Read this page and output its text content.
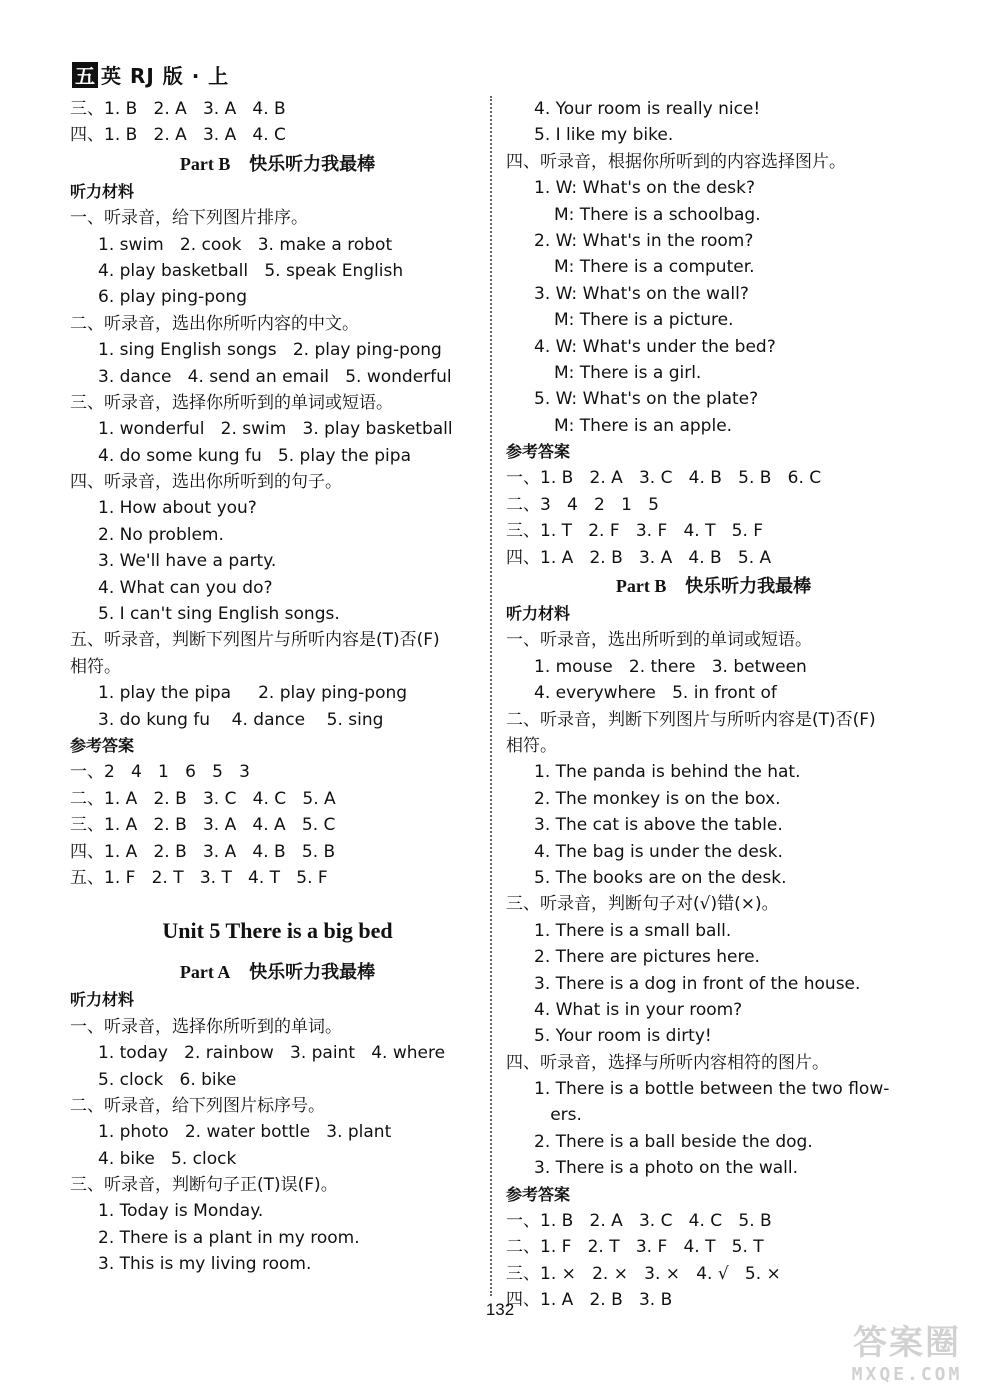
五 英 RJ 版 · 上
三、1. B   2. A   3. A   4. B
四、1. B   2. A   3. A   4. C
Part B 快乐听力我最棒
听力材料
一、听录音，给下列图片排序。
1. swim   2. cook   3. make a robot
4. play basketball   5. speak English
6. play ping-pong
二、听录音，选出你所听内容的中文。
1. sing English songs   2. play ping-pong
3. dance   4. send an email   5. wonderful
三、听录音，选择你所听到的单词或短语。
1. wonderful   2. swim   3. play basketball
4. do some kung fu   5. play the pipa
四、听录音，选出你所听到的句子。
1. How about you?
2. No problem.
3. We'll have a party.
4. What can you do?
5. I can't sing English songs.
五、听录音，判断下列图片与所听内容是(T)否(F)
相符。
1. play the pipa     2. play ping-pong
3. do kung fu    4. dance    5. sing
参考答案
一、2   4   1   6   5   3
二、1. A   2. B   3. C   4. C   5. A
三、1. A   2. B   3. A   4. A   5. C
四、1. A   2. B   3. A   4. B   5. B
五、1. F   2. T   3. T   4. T   5. F
Unit 5 There is a big bed
Part A 快乐听力我最棒
听力材料
一、听录音，选择你所听到的单词。
1. today   2. rainbow   3. paint   4. where
5. clock   6. bike
二、听录音，给下列图片标序号。
1. photo   2. water bottle   3. plant
4. bike   5. clock
三、听录音，判断句子正(T)误(F)。
1. Today is Monday.
2. There is a plant in my room.
3. This is my living room.
4. Your room is really nice!
5. I like my bike.
四、听录音，根据你所听到的内容选择图片。
1. W: What's on the desk?
M: There is a schoolbag.
2. W: What's in the room?
M: There is a computer.
3. W: What's on the wall?
M: There is a picture.
4. W: What's under the bed?
M: There is a girl.
5. W: What's on the plate?
M: There is an apple.
参考答案
一、1. B   2. A   3. C   4. B   5. B   6. C
二、3   4   2   1   5
三、1. T   2. F   3. F   4. T   5. F
四、1. A   2. B   3. A   4. B   5. A
Part B 快乐听力我最棒
听力材料
一、听录音，选出所听到的单词或短语。
1. mouse   2. there   3. between
4. everywhere   5. in front of
二、听录音，判断下列图片与所听内容是(T)否(F)
相符。
1. The panda is behind the hat.
2. The monkey is on the box.
3. The cat is above the table.
4. The bag is under the desk.
5. The books are on the desk.
三、听录音，判断句子对(√)错(×)。
1. There is a small ball.
2. There are pictures here.
3. There is a dog in front of the house.
4. What is in your room?
5. Your room is dirty!
四、听录音，选择与所听内容相符的图片。
1. There is a bottle between the two flow-
ers.
2. There is a ball beside the dog.
3. There is a photo on the wall.
参考答案
一、1. B   2. A   3. C   4. C   5. B
二、1. F   2. T   3. F   4. T   5. T
三、1. ×   2. ×   3. ×   4. √   5. ×
四、1. A   2. B   3. B
132
答案圈
MXQE.COM
